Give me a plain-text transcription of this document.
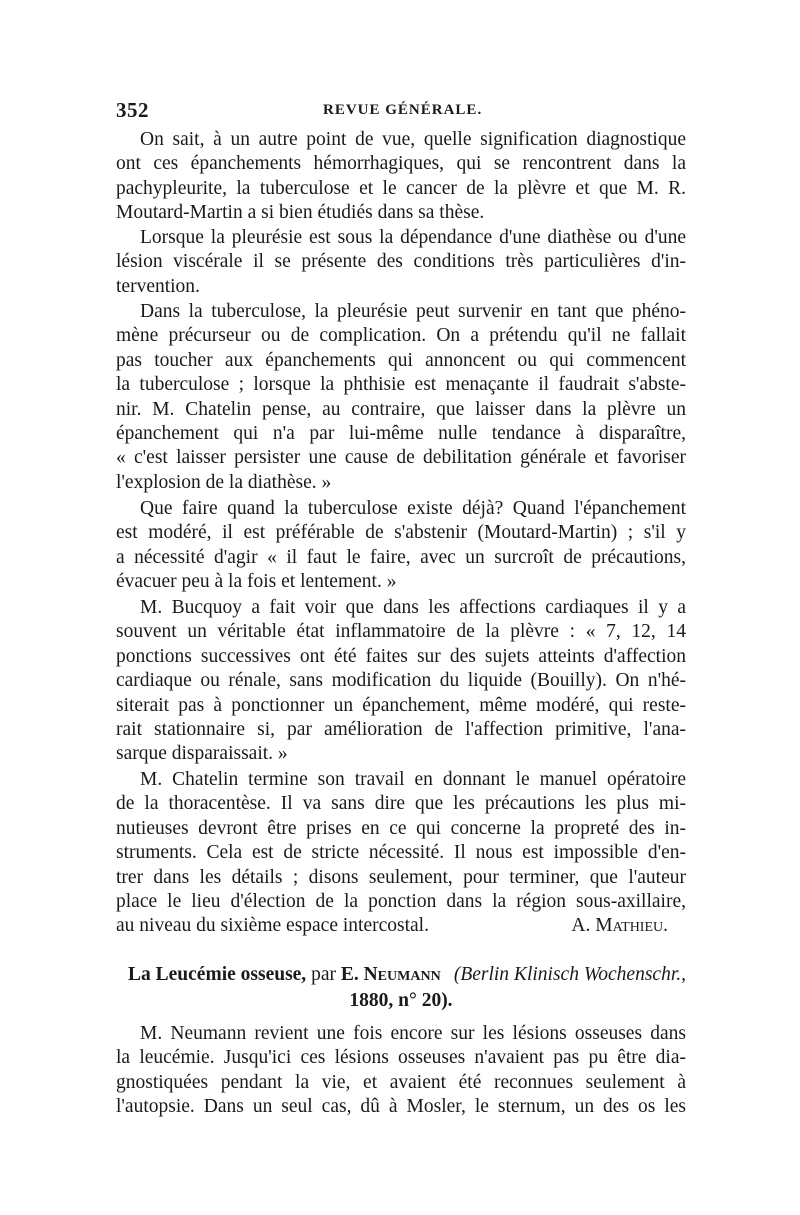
352	REVUE GÉNÉRALE.
On sait, à un autre point de vue, quelle signification diagnostique
ont ces épanchements hémorrhagiques, qui se rencontrent dans la
pachypleurite, la tuberculose et le cancer de la plèvre et que M. R.
Moutard-Martin a si bien étudiés dans sa thèse.
Lorsque la pleurésie est sous la dépendance d'une diathèse ou d'une
lésion viscérale il se présente des conditions très particulières d'in-
tervention.
Dans la tuberculose, la pleurésie peut survenir en tant que phéno-
mène précurseur ou de complication. On a prétendu qu'il ne fallait
pas toucher aux épanchements qui annoncent ou qui commencent
la tuberculose ; lorsque la phthisie est menaçante il faudrait s'abste-
nir. M. Chatelin pense, au contraire, que laisser dans la plèvre un
épanchement qui n'a par lui-même nulle tendance à disparaître,
« c'est laisser persister une cause de debilitation générale et favoriser
l'explosion de la diathèse. »
Que faire quand la tuberculose existe déjà? Quand l'épanchement
est modéré, il est préférable de s'abstenir (Moutard-Martin) ; s'il y
a nécessité d'agir « il faut le faire, avec un surcroît de précautions,
évacuer peu à la fois et lentement. »
M. Bucquoy a fait voir que dans les affections cardiaques il y a
souvent un véritable état inflammatoire de la plèvre : « 7, 12, 14
ponctions successives ont été faites sur des sujets atteints d'affection
cardiaque ou rénale, sans modification du liquide (Bouilly). On n'hé-
siterait pas à ponctionner un épanchement, même modéré, qui reste-
rait stationnaire si, par amélioration de l'affection primitive, l'ana-
sarque disparaissait. »
M. Chatelin termine son travail en donnant le manuel opératoire
de la thoracentèse. Il va sans dire que les précautions les plus mi-
nutieuses devront être prises en ce qui concerne la propreté des in-
struments. Cela est de stricte nécessité. Il nous est impossible d'en-
trer dans les détails ; disons seulement, pour terminer, que l'auteur
place le lieu d'élection de la ponction dans la région sous-axillaire,
au niveau du sixième espace intercostal.	A. Mathieu.
La Leucémie osseuse, par E. Neumann (Berlin Klinisch Wochenschr.,
1880, n° 20).
M. Neumann revient une fois encore sur les lésions osseuses dans
la leucémie. Jusqu'ici ces lésions osseuses n'avaient pas pu être dia-
gnostiquées pendant la vie, et avaient été reconnues seulement à
l'autopsie. Dans un seul cas, dû à Mosler, le sternum, un des os les
